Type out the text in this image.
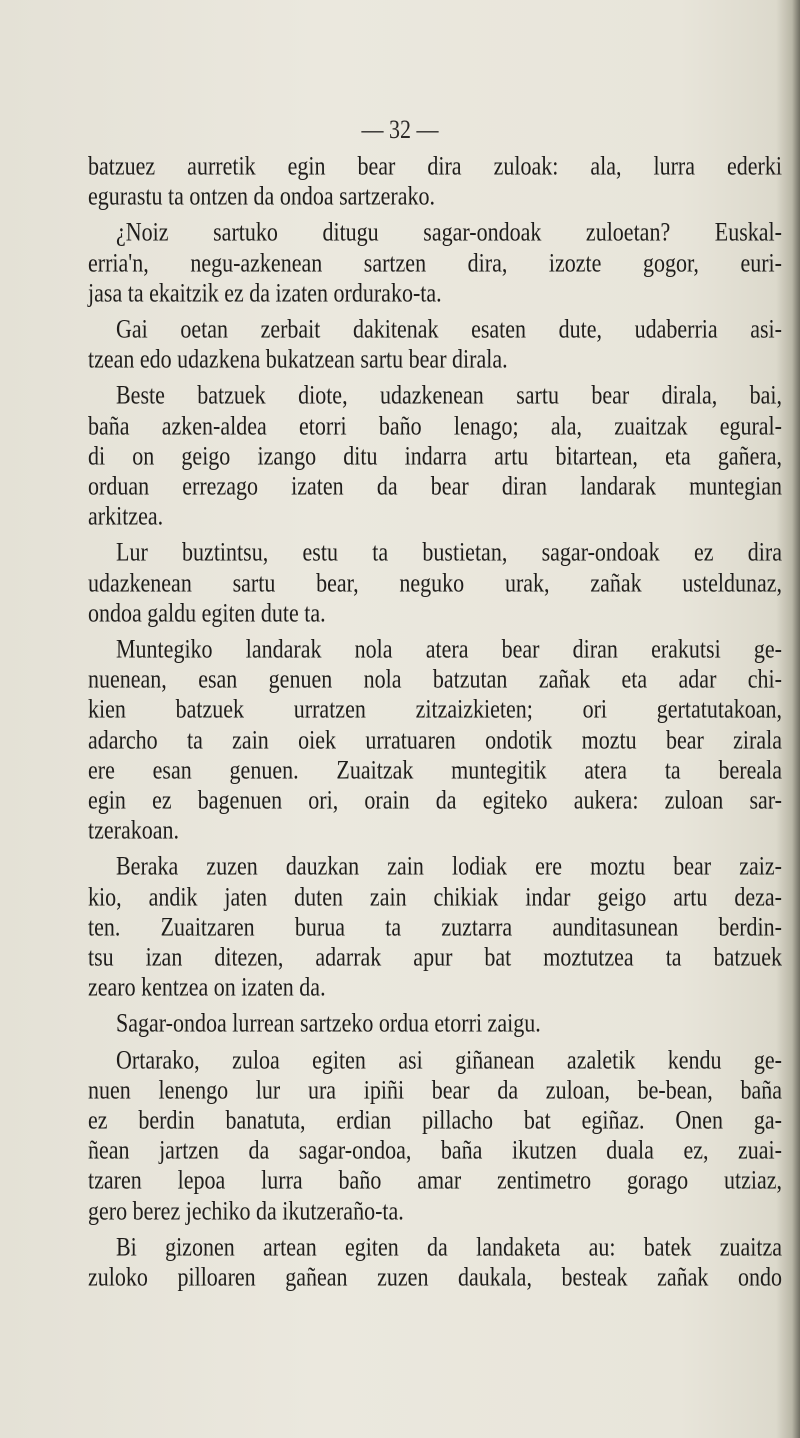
— 32 —
batzuez aurretik egin bear dira zuloak: ala, lurra ederki
egurastu ta ontzen da ondoa sartzerako.
¿Noiz sartuko ditugu sagar-ondoak zuloetan? Euskal-
erria'n, negu-azkenean sartzen dira, izozte gogor, euri-
jasa ta ekaitzik ez da izaten ordurako-ta.
Gai oetan zerbait dakitenak esaten dute, udaberria asi-
tzean edo udazkena bukatzean sartu bear dirala.
Beste batzuek diote, udazkenean sartu bear dirala, bai,
baña azken-aldea etorri baño lenago; ala, zuaitzak egural-
di on geigo izango ditu indarra artu bitartean, eta gañera,
orduan errezago izaten da bear diran landarak muntegian
arkitzea.
Lur buztintsu, estu ta bustietan, sagar-ondoak ez dira
udazkenean sartu bear, neguko urak, zañak usteldunaz,
ondoa galdu egiten dute ta.
Muntegiko landarak nola atera bear diran erakutsi ge-
nuenean, esan genuen nola batzutan zañak eta adar chi-
kien batzuek urratzen zitzaizkieten; ori gertatutakoan,
adarcho ta zain oiek urratuaren ondotik moztu bear zirala
ere esan genuen. Zuaitzak muntegitik atera ta bereala
egin ez bagenuen ori, orain da egiteko aukera: zuloan sar-
tzerakoan.
Beraka zuzen dauzkan zain lodiak ere moztu bear zaiz-
kio, andik jaten duten zain chikiak indar geigo artu deza-
ten. Zuaitzaren burua ta zuztarra aunditasunean berdin-
tsu izan ditezen, adarrak apur bat moztutzea ta batzuek
zearo kentzea on izaten da.
Sagar-ondoa lurrean sartzeko ordua etorri zaigu.
Ortarako, zuloa egiten asi giñanean azaletik kendu ge-
nuen lenengo lur ura ipiñi bear da zuloan, be-bean, baña
ez berdin banatuta, erdian pillacho bat egiñaz. Onen ga-
ñean jartzen da sagar-ondoa, baña ikutzen duala ez, zuai-
tzaren lepoa lurra baño amar zentimetro gorago utziaz,
gero berez jechiko da ikutzeraño-ta.
Bi gizonen artean egiten da landaketa au: batek zuaitza
zuloko pilloaren gañean zuzen daukala, besteak zañak ondo
